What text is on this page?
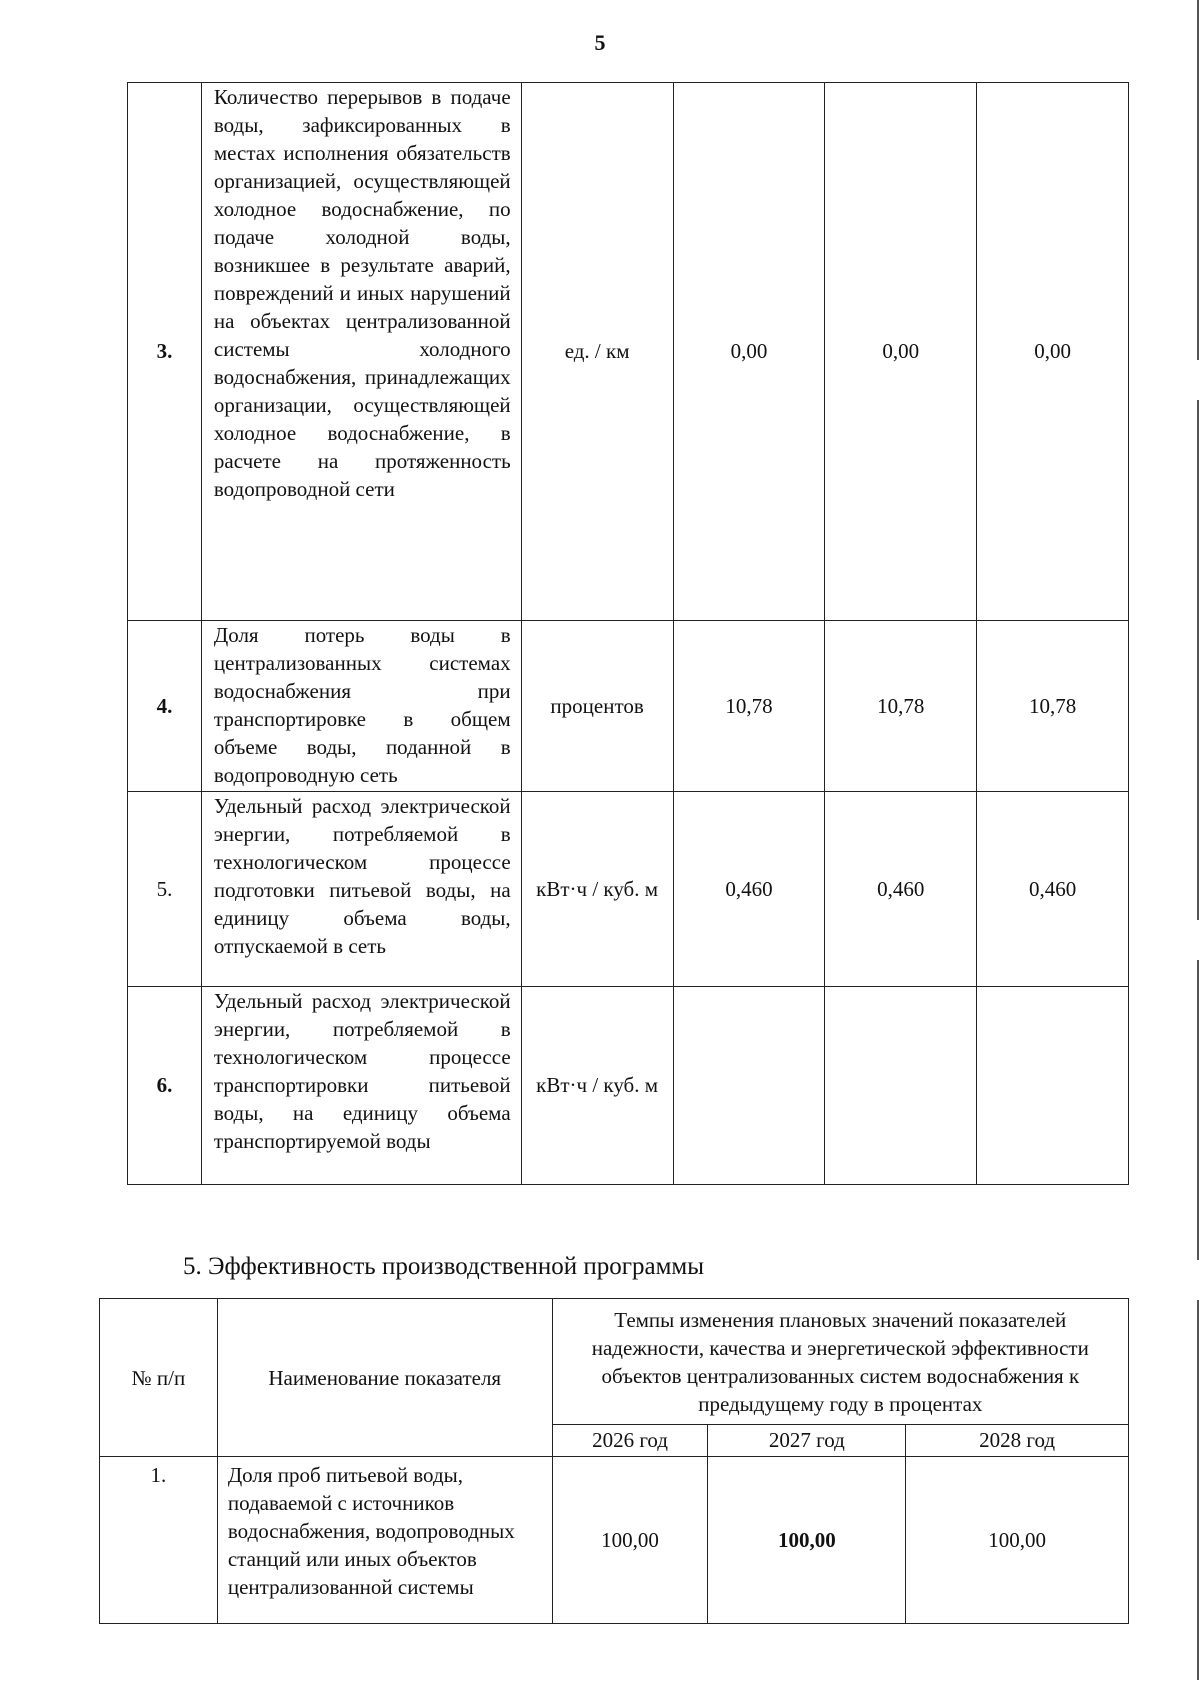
5
3.	Количество перерывов в подаче воды, зафиксированных в местах исполнения обязательств организацией, осуществляющей холодное водоснабжение, по подаче холодной воды, возникшее в результате аварий, повреждений и иных нарушений на объектах централизованной системы холодного водоснабжения, принадлежащих организации, осуществляющей холодное водоснабжение, в расчете на протяженность водопроводной сети	ед. / км	0,00	0,00	0,00
4.	Доля потерь воды в централизованных системах водоснабжения при транспортировке в общем объеме воды, поданной в водопроводную сеть	процентов	10,78	10,78	10,78
5.	Удельный расход электрической энергии, потребляемой в технологическом процессе подготовки питьевой воды, на единицу объема воды, отпускаемой в сеть	кВт·ч / куб. м	0,460	0,460	0,460
6.	Удельный расход электрической энергии, потребляемой в технологическом процессе транспортировки питьевой воды, на единицу объема транспортируемой воды	кВт·ч / куб. м			
5. Эффективность производственной программы
№ п/п	Наименование показателя	Темпы изменения плановых значений показателей надежности, качества и энергетической эффективности объектов централизованных систем водоснабжения к предыдущему году в процентах		
		2026 год	2027 год	2028 год
1.	Доля проб питьевой воды, подаваемой с источников водоснабжения, водопроводных станций или иных объектов централизованной системы	100,00	100,00	100,00
